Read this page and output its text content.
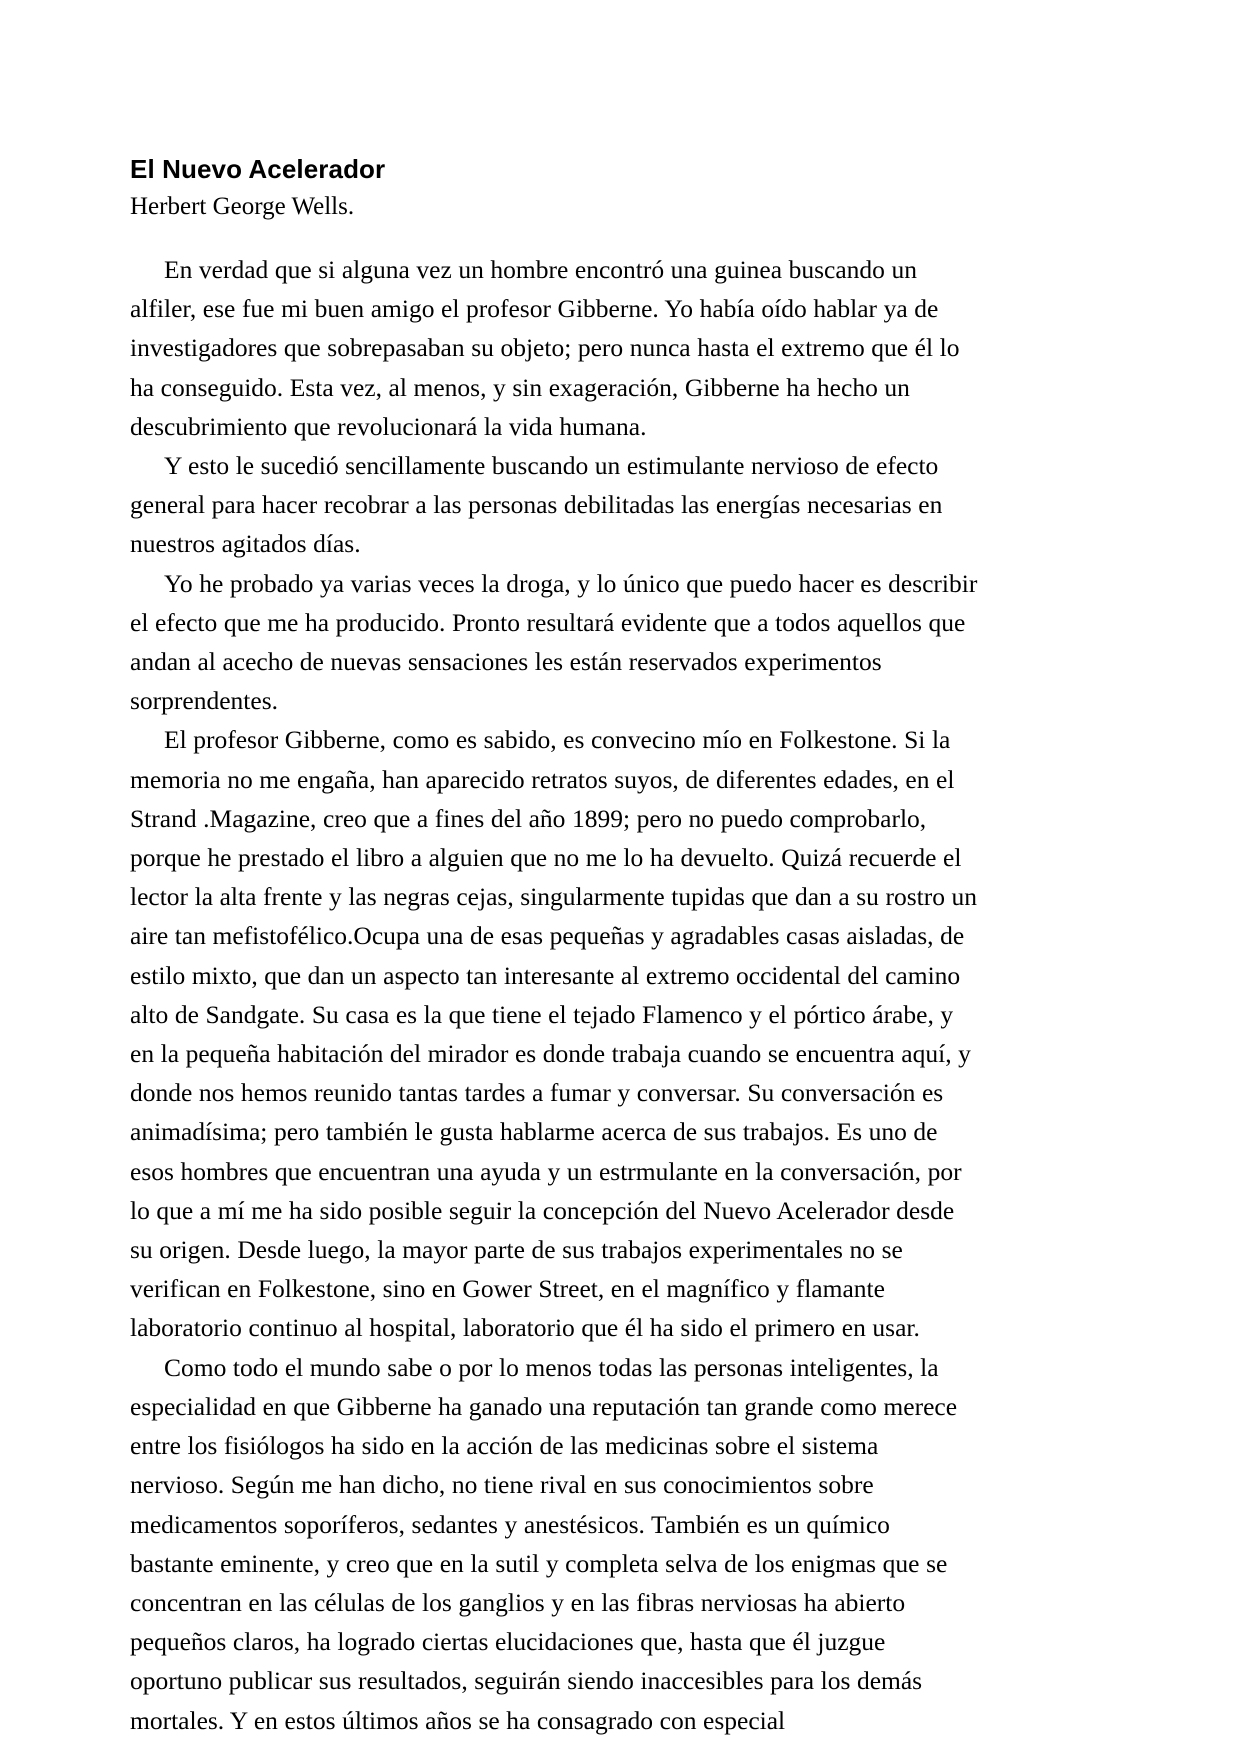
El Nuevo Acelerador
Herbert George Wells.

En verdad que si alguna vez un hombre encontró una guinea buscando un alfiler, ese fue mi buen amigo el profesor Gibberne. Yo había oído hablar ya de investigadores que sobrepasaban su objeto; pero nunca hasta el extremo que él lo ha conseguido. Esta vez, al menos, y sin exageración, Gibberne ha hecho un descubrimiento que revolucionará la vida humana.

Y esto le sucedió sencillamente buscando un estimulante nervioso de efecto general para hacer recobrar a las personas debilitadas las energías necesarias en nuestros agitados días.

Yo he probado ya varias veces la droga, y lo único que puedo hacer es describir el efecto que me ha producido. Pronto resultará evidente que a todos aquellos que andan al acecho de nuevas sensaciones les están reservados experimentos sorprendentes.

El profesor Gibberne, como es sabido, es convecino mío en Folkestone. Si la memoria no me engaña, han aparecido retratos suyos, de diferentes edades, en el Strand .Magazine, creo que a fines del año 1899; pero no puedo comprobarlo, porque he prestado el libro a alguien que no me lo ha devuelto. Quizá recuerde el lector la alta frente y las negras cejas, singularmente tupidas que dan a su rostro un aire tan mefistofélico.Ocupa una de esas pequeñas y agradables casas aisladas, de estilo mixto, que dan un aspecto tan interesante al extremo occidental del camino alto de Sandgate. Su casa es la que tiene el tejado Flamenco y el pórtico árabe, y en la pequeña habitación del mirador es donde trabaja cuando se encuentra aquí, y donde nos hemos reunido tantas tardes a fumar y conversar. Su conversación es animadísima; pero también le gusta hablarme acerca de sus trabajos. Es uno de esos hombres que encuentran una ayuda y un estrmulante en la conversación, por lo que a mí me ha sido posible seguir la concepción del Nuevo Acelerador desde su origen. Desde luego, la mayor parte de sus trabajos experimentales no se verifican en Folkestone, sino en Gower Street, en el magnífico y flamante laboratorio continuo al hospital, laboratorio que él ha sido el primero en usar.

Como todo el mundo sabe o por lo menos todas las personas inteligentes, la especialidad en que Gibberne ha ganado una reputación tan grande como merece entre los fisiólogos ha sido en la acción de las medicinas sobre el sistema nervioso. Según me han dicho, no tiene rival en sus conocimientos sobre medicamentos soporíferos, sedantes y anestésicos. También es un químico bastante eminente, y creo que en la sutil y completa selva de los enigmas que se concentran en las células de los ganglios y en las fibras nerviosas ha abierto pequeños claros, ha logrado ciertas elucidaciones que, hasta que él juzgue oportuno publicar sus resultados, seguirán siendo inaccesibles para los demás mortales. Y en estos últimos años se ha consagrado con especial
